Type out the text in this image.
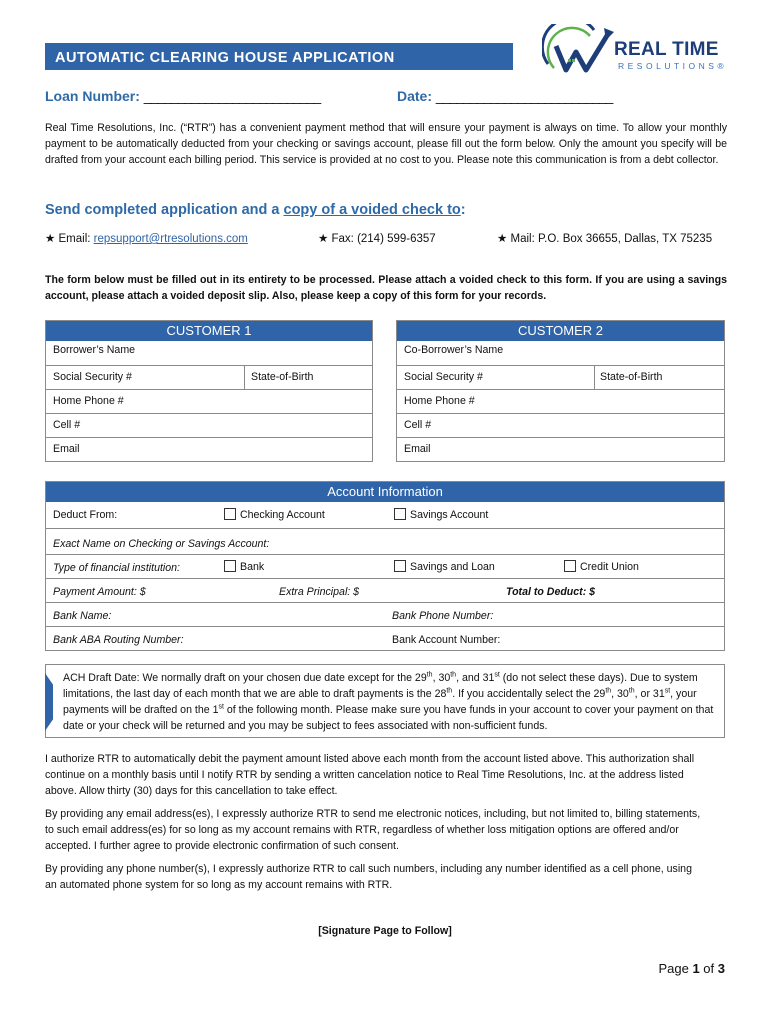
AUTOMATIC CLEARING HOUSE APPLICATION	REAL TIME
RESOLUTIONS®
Loan Number: __________________________	Date: __________________________
Real Time Resolutions, Inc. (“RTR”) has a convenient payment method that will ensure your payment is always on time. To allow your monthly payment to be automatically deducted from your checking or savings account, please fill out the form below. Only the amount you specify will be drafted from your account each billing period. This service is provided at no cost to you. Please note this communication is from a debt collector.
Send completed application and a copy of a voided check to:
★ Email: repsupport@rtresolutions.com	★ Fax: (214) 599-6357	★ Mail: P.O. Box 36655, Dallas, TX 75235
The form below must be filled out in its entirety to be processed. Please attach a voided check to this form. If you are using a savings account, please attach a voided deposit slip. Also, please keep a copy of this form for your records.
CUSTOMER 1
Borrower’s Name
Social Security #	State-of-Birth
Home Phone #
Cell #
Email
CUSTOMER 2
Co-Borrower’s Name
Social Security #	State-of-Birth
Home Phone #
Cell #
Email
Account Information
Deduct From:	Checking Account	Savings Account
Exact Name on Checking or Savings Account:
Type of financial institution:	Bank	Savings and Loan	Credit Union
Payment Amount: $	Extra Principal: $	Total to Deduct: $
Bank Name:	Bank Phone Number:
Bank ABA Routing Number:	Bank Account Number:
ACH Draft Date: We normally draft on your chosen due date except for the 29th, 30th, and 31st (do not select these days). Due to system limitations, the last day of each month that we are able to draft payments is the 28th. If you accidentally select the 29th, 30th, or 31st, your payments will be drafted on the 1st of the following month. Please make sure you have funds in your account to cover your payment on that date or your check will be returned and you may be subject to fees associated with non-sufficient funds.
I authorize RTR to automatically debit the payment amount listed above each month from the account listed above. This authorization shall continue on a monthly basis until I notify RTR by sending a written cancelation notice to Real Time Resolutions, Inc. at the address listed above. Allow thirty (30) days for this cancellation to take effect.
By providing any email address(es), I expressly authorize RTR to send me electronic notices, including, but not limited to, billing statements, to such email address(es) for so long as my account remains with RTR, regardless of whether loss mitigation options are offered and/or accepted. I further agree to provide electronic confirmation of such consent.
By providing any phone number(s), I expressly authorize RTR to call such numbers, including any number identified as a cell phone, using an automated phone system for so long as my account remains with RTR.
[Signature Page to Follow]
Page 1 of 3
